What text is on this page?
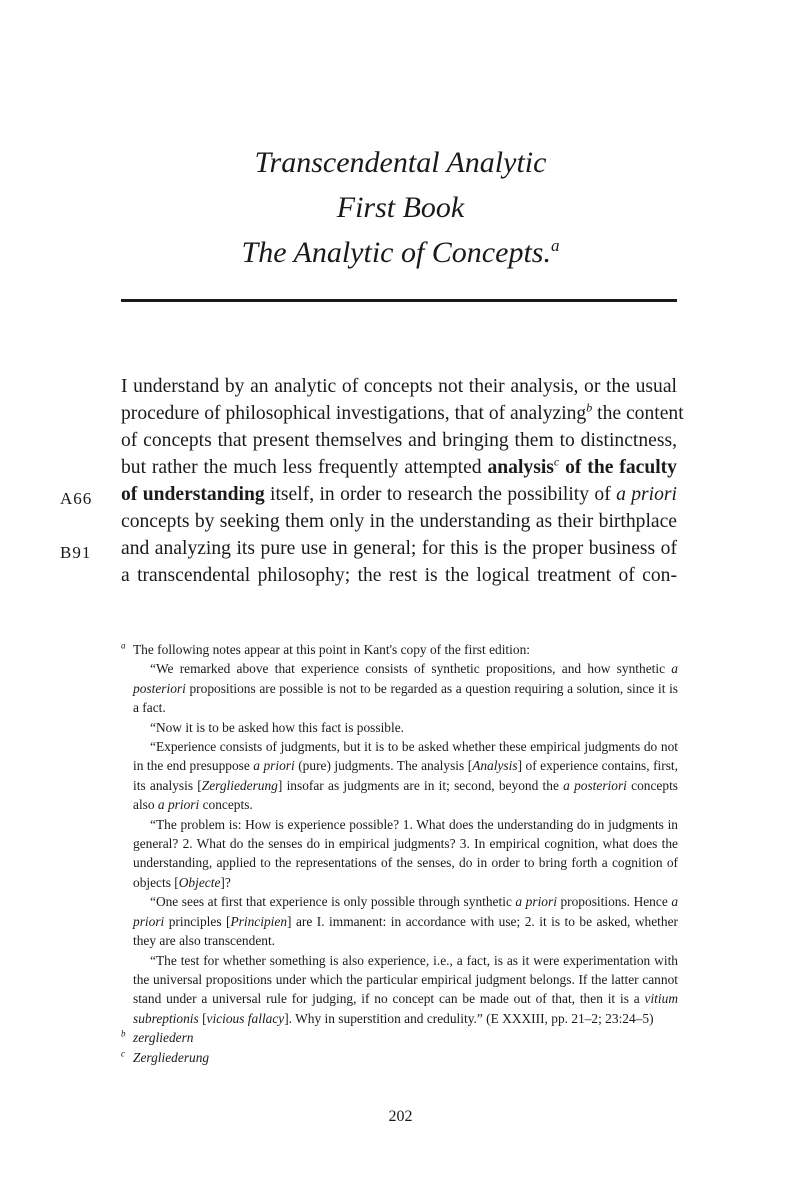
Transcendental Analytic
First Book
The Analytic of Concepts.$^a$
A66
B91
I understand by an analytic of concepts not their analysis, or the usual
procedure of philosophical investigations, that of analyzing$^b$ the content
of concepts that present themselves and bringing them to distinctness,
but rather the much less frequently attempted analysis$^c$ of the faculty
of understanding itself, in order to research the possibility of a priori
concepts by seeking them only in the understanding as their birthplace
and analyzing its pure use in general; for this is the proper business of
a transcendental philosophy; the rest is the logical treatment of con-

$^a$ The following notes appear at this point in Kant's copy of the first edition:

“We remarked above that experience consists of synthetic propositions, and how synthetic a posteriori propositions are possible is not to be regarded as a question requiring a solution, since it is a fact.

“Now it is to be asked how this fact is possible.

“Experience consists of judgments, but it is to be asked whether these empirical judgments do not in the end presuppose a priori (pure) judgments. The analysis [Analysis] of experience contains, first, its analysis [Zergliederung] insofar as judgments are in it; second, beyond the a posteriori concepts also a priori concepts.

“The problem is: How is experience possible? 1. What does the understanding do in judgments in general? 2. What do the senses do in empirical judgments? 3. In empirical cognition, what does the understanding, applied to the representations of the senses, do in order to bring forth a cognition of objects [Objecte]?

“One sees at first that experience is only possible through synthetic a priori propositions. Hence a priori principles [Principien] are I. immanent: in accordance with use; 2. it is to be asked, whether they are also transcendent.

“The test for whether something is also experience, i.e., a fact, is as it were experimentation with the universal propositions under which the particular empirical judgment belongs. If the latter cannot stand under a universal rule for judging, if no concept can be made out of that, then it is a vitium subreptionis [vicious fallacy]. Why in superstition and credulity.” (E XXXIII, pp. 21–2; 23:24–5)

$^b$ zergliedern

$^c$ Zergliederung

202
